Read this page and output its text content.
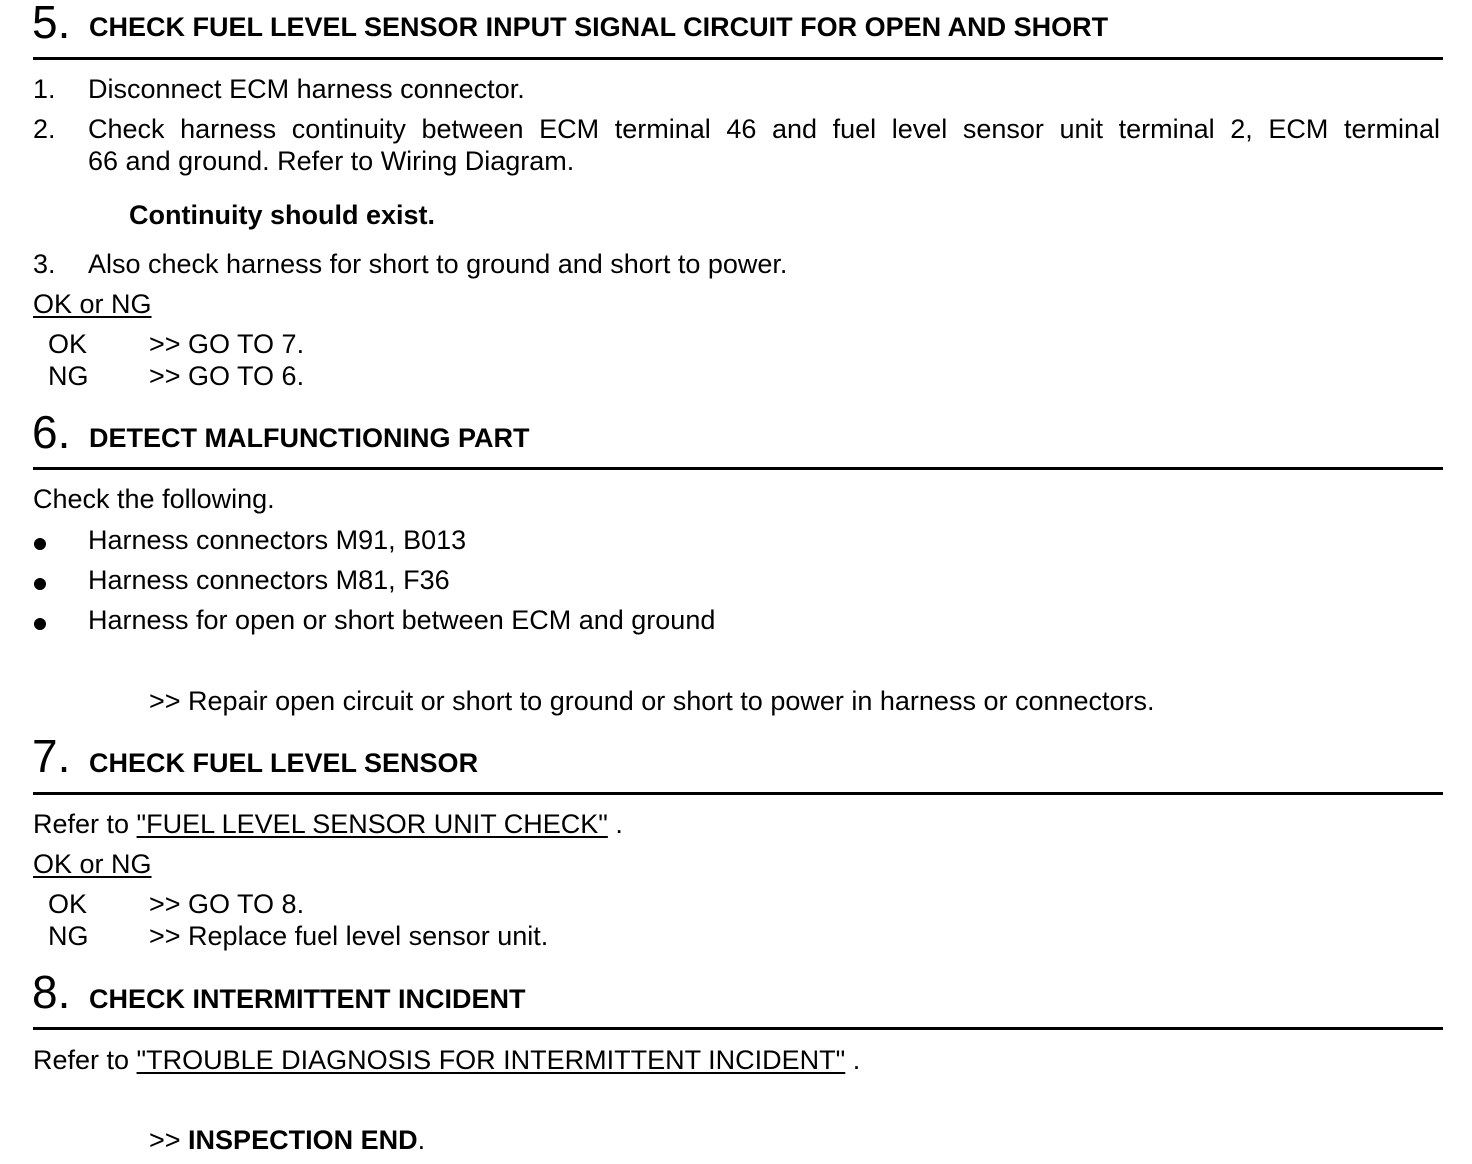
5. CHECK FUEL LEVEL SENSOR INPUT SIGNAL CIRCUIT FOR OPEN AND SHORT
1. Disconnect ECM harness connector.
2. Check harness continuity between ECM terminal 46 and fuel level sensor unit terminal 2, ECM terminal
66 and ground. Refer to Wiring Diagram.
Continuity should exist.
3. Also check harness for short to ground and short to power.
OK or NG
OK >> GO TO 7.
NG >> GO TO 6.
6. DETECT MALFUNCTIONING PART
Check the following.
Harness connectors M91, B013
Harness connectors M81, F36
Harness for open or short between ECM and ground
>> Repair open circuit or short to ground or short to power in harness or connectors.
7. CHECK FUEL LEVEL SENSOR
Refer to "FUEL LEVEL SENSOR UNIT CHECK" .
OK or NG
OK >> GO TO 8.
NG >> Replace fuel level sensor unit.
8. CHECK INTERMITTENT INCIDENT
Refer to "TROUBLE DIAGNOSIS FOR INTERMITTENT INCIDENT" .
>> INSPECTION END.
